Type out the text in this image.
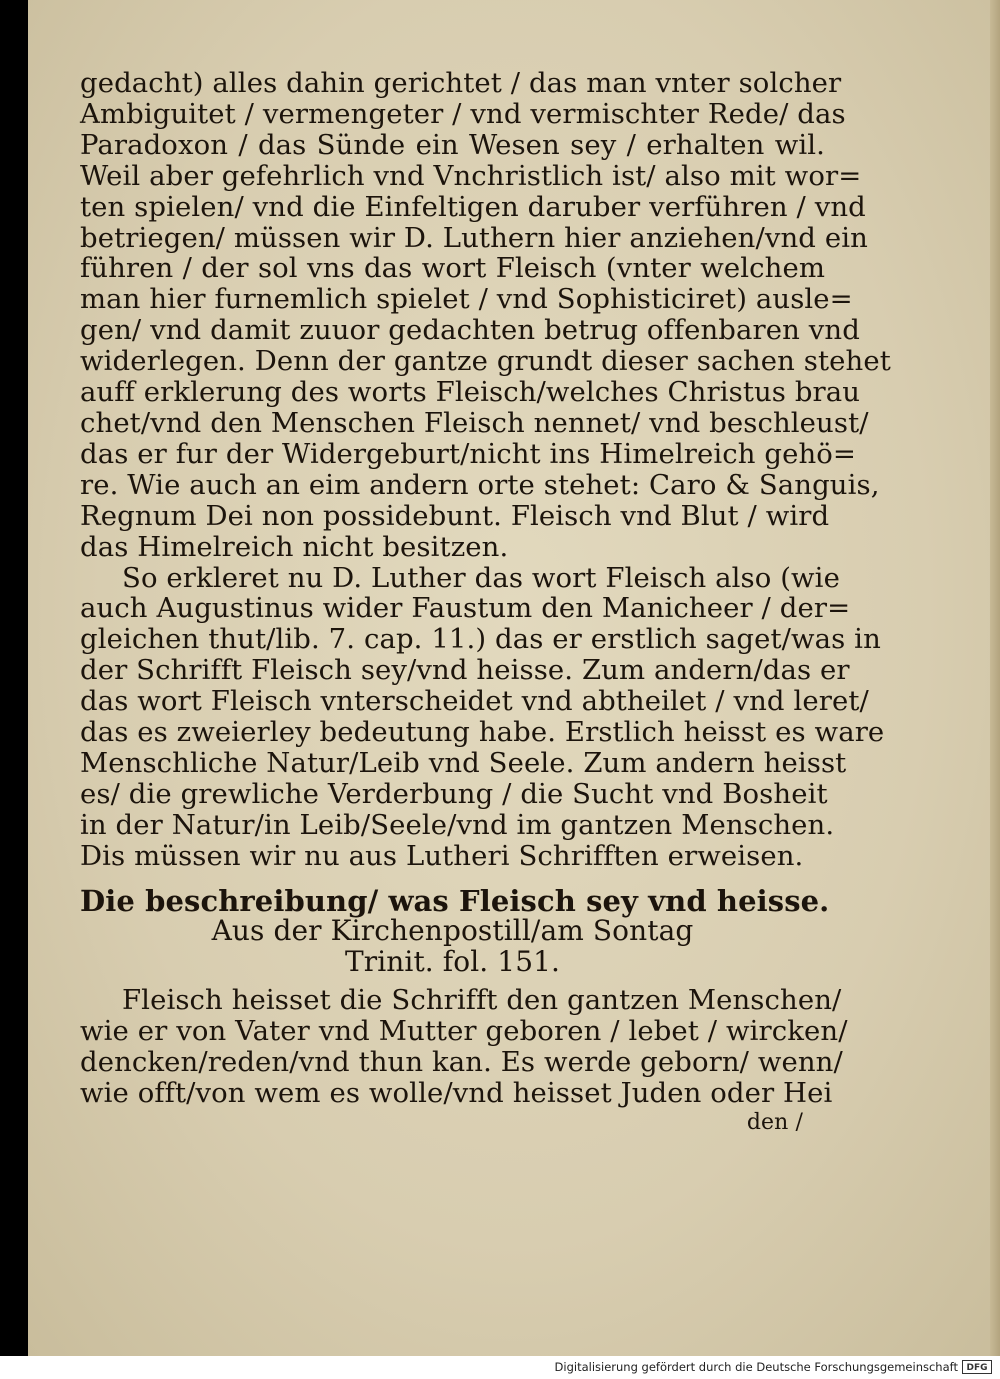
gedacht) alles dahin gerichtet / das man vnter solcher
Ambiguitet / vermengeter / vnd vermischter Rede/ das
Paradoxon / das Sünde ein Wesen sey / erhalten wil.
Weil aber gefehrlich vnd Vnchristlich ist/ also mit wor=
ten spielen/ vnd die Einfeltigen daruber verführen / vnd
betriegen/ müssen wir D. Luthern hier anziehen/vnd ein
führen / der sol vns das wort Fleisch (vnter welchem
man hier furnemlich spielet / vnd Sophisticiret) ausle=
gen/ vnd damit zuuor gedachten betrug offenbaren vnd
widerlegen. Denn der gantze grundt dieser sachen stehet
auff erklerung des worts Fleisch/welches Christus brau
chet/vnd den Menschen Fleisch nennet/ vnd beschleust/
das er fur der Widergeburt/nicht ins Himelreich gehö=
re. Wie auch an eim andern orte stehet: Caro & Sanguis,
Regnum Dei non possidebunt. Fleisch vnd Blut / wird
das Himelreich nicht besitzen.
So erkleret nu D. Luther das wort Fleisch also (wie
auch Augustinus wider Faustum den Manicheer / der=
gleichen thut/lib. 7. cap. 11.) das er erstlich saget/was in
der Schrifft Fleisch sey/vnd heisse. Zum andern/das er
das wort Fleisch vnterscheidet vnd abtheilet / vnd leret/
das es zweierley bedeutung habe. Erstlich heisst es ware
Menschliche Natur/Leib vnd Seele. Zum andern heisst
es/ die grewliche Verderbung / die Sucht vnd Bosheit
in der Natur/in Leib/Seele/vnd im gantzen Menschen.
Dis müssen wir nu aus Lutheri Schrifften erweisen.
Die beschreibung/ was Fleisch sey vnd heisse.
Aus der Kirchenpostill/am Sontag
Trinit. fol. 151.
Fleisch heisset die Schrifft den gantzen Menschen/
wie er von Vater vnd Mutter geboren / lebet / wircken/
dencken/reden/vnd thun kan. Es werde geborn/ wenn/
wie offt/von wem es wolle/vnd heisset Juden oder Hei
den /
Digitalisierung gefördert durch die Deutsche Forschungsgemeinschaft DFG
